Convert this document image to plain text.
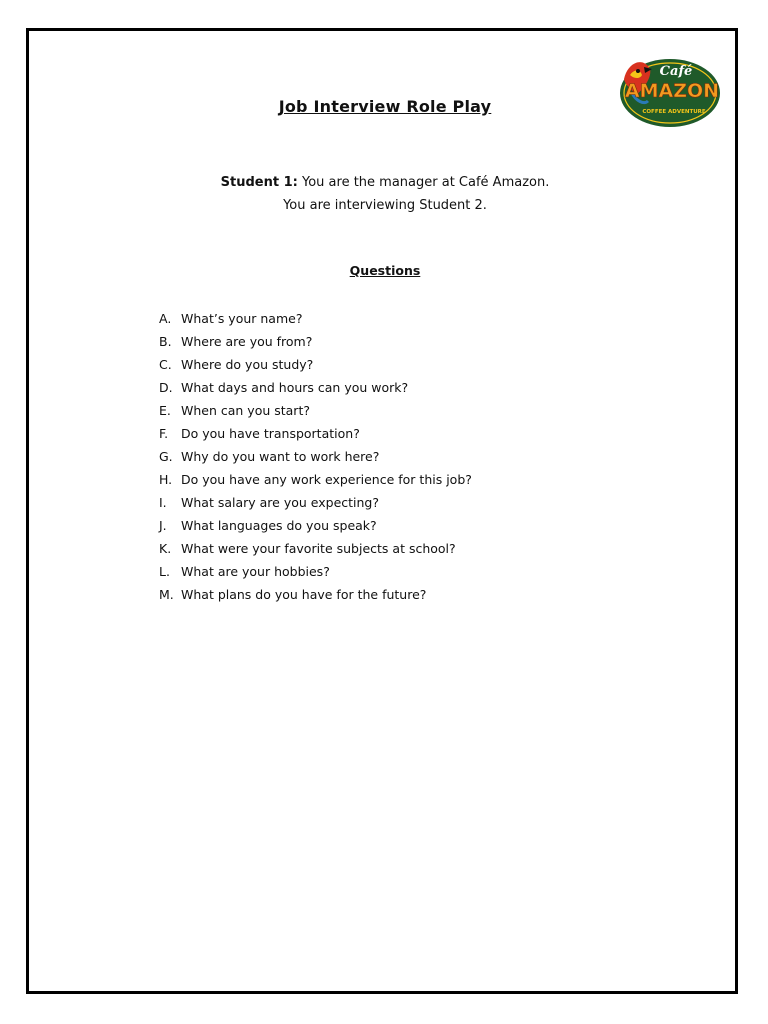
Café
AMAZON
COFFEE ADVENTURE
Job Interview Role Play
Student 1: You are the manager at Café Amazon.
You are interviewing Student 2.
Questions
A. What’s your name?
B. Where are you from?
C. Where do you study?
D. What days and hours can you work?
E. When can you start?
F.	Do you have transportation?
G. Why do you want to work here?
H. Do you have any work experience for this job?
I.	What salary are you expecting?
J.	What languages do you speak?
K. What were your favorite subjects at school?
L. What are your hobbies?
M. What plans do you have for the future?
